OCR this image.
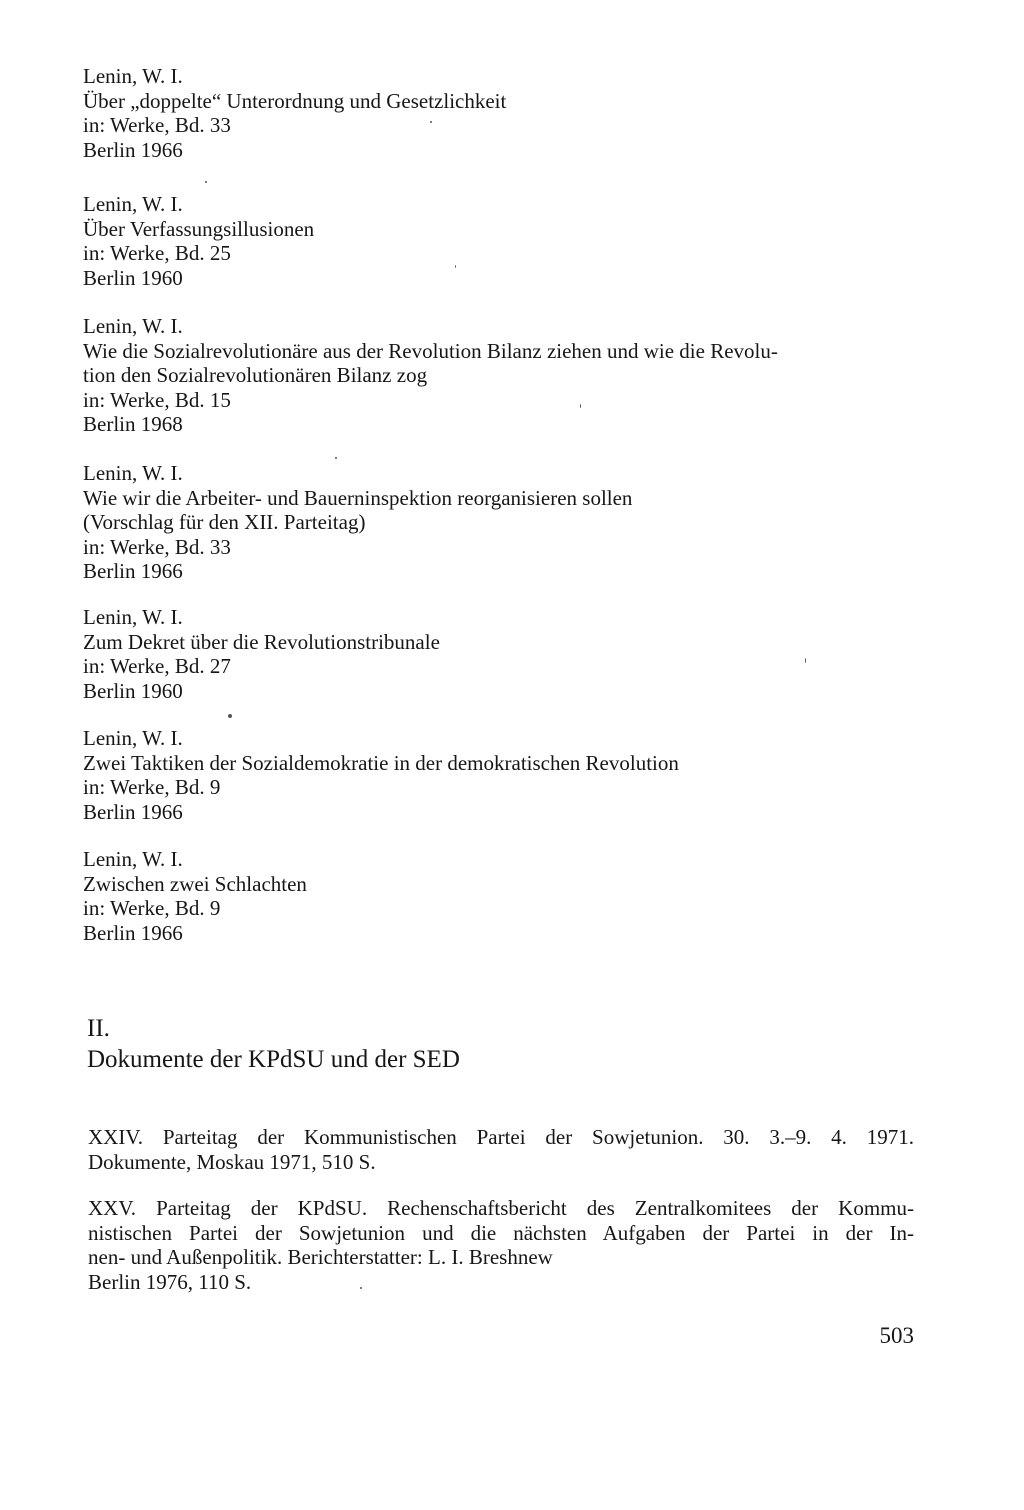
Lenin, W. I.
Über „doppelte“ Unterordnung und Gesetzlichkeit
in: Werke, Bd. 33
Berlin 1966
Lenin, W. I.
Über Verfassungsillusionen
in: Werke, Bd. 25
Berlin 1960
Lenin, W. I.
Wie die Sozialrevolutionäre aus der Revolution Bilanz ziehen und wie die Revolu-
tion den Sozialrevolutionären Bilanz zog
in: Werke, Bd. 15
Berlin 1968
Lenin, W. I.
Wie wir die Arbeiter- und Bauerninspektion reorganisieren sollen
(Vorschlag für den XII. Parteitag)
in: Werke, Bd. 33
Berlin 1966
Lenin, W. I.
Zum Dekret über die Revolutionstribunale
in: Werke, Bd. 27
Berlin 1960
Lenin, W. I.
Zwei Taktiken der Sozialdemokratie in der demokratischen Revolution
in: Werke, Bd. 9
Berlin 1966
Lenin, W. I.
Zwischen zwei Schlachten
in: Werke, Bd. 9
Berlin 1966
II.
Dokumente der KPdSU und der SED
XXIV. Parteitag der Kommunistischen Partei der Sowjetunion. 30. 3.–9. 4. 1971.
Dokumente, Moskau 1971, 510 S.
XXV. Parteitag der KPdSU. Rechenschaftsbericht des Zentralkomitees der Kommu-
nistischen Partei der Sowjetunion und die nächsten Aufgaben der Partei in der In-
nen- und Außenpolitik. Berichterstatter: L. I. Breshnew
Berlin 1976, 110 S.
503
